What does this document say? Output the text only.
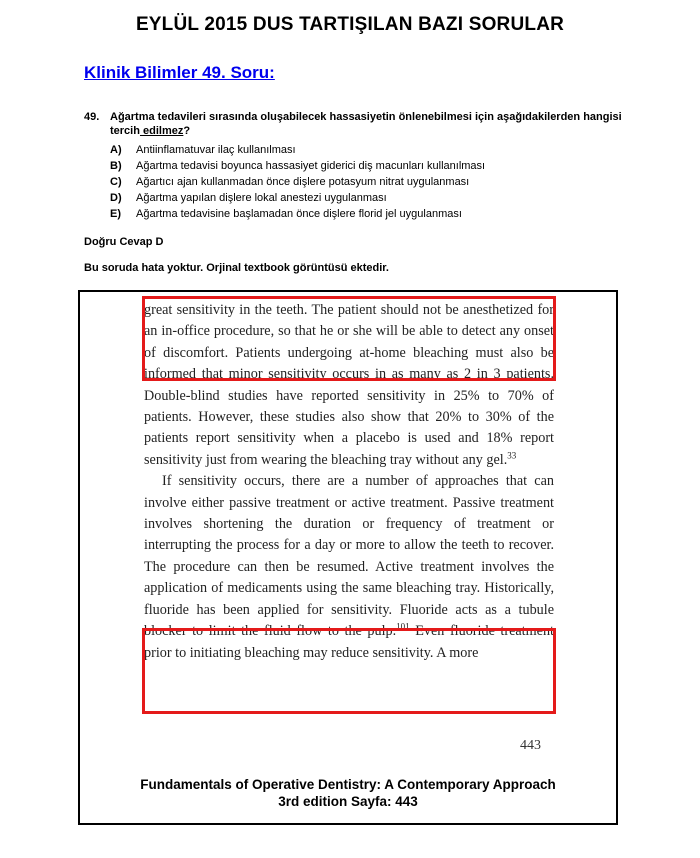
EYLÜL 2015 DUS TARTIŞILAN BAZI SORULAR
Klinik Bilimler 49. Soru:
49. Ağartma tedavileri sırasında oluşabilecek hassasiyetin önlenebilmesi için aşağıdakilerden hangisi tercih edilmez?
A)	Antiinflamatuvar ilaç kullanılması
B)	Ağartma tedavisi boyunca hassasiyet giderici diş macunları kullanılması
C)	Ağartıcı ajan kullanmadan önce dişlere potasyum nitrat uygulanması
D)	Ağartma yapılan dişlere lokal anestezi uygulanması
E)	Ağartma tedavisine başlamadan önce dişlere florid jel uygulanması
Doğru Cevap D
Bu soruda hata yoktur. Orjinal textbook görüntüsü ektedir.

great sensitivity in the teeth. The patient should not be anesthetized for an in-office procedure, so that he or she will be able to detect any onset of discomfort. Patients undergoing at-home bleaching must also be informed that minor sensitivity occurs in as many as 2 in 3 patients. Double-blind studies have reported sensitivity in 25% to 70% of patients. However, these studies also show that 20% to 30% of the patients report sensitivity when a placebo is used and 18% report sensitivity just from wearing the bleaching tray without any gel.$^{33}$

If sensitivity occurs, there are a number of approaches that can involve either passive treatment or active treatment. Passive treatment involves shortening the duration or frequency of treatment or interrupting the process for a day or more to allow the teeth to recover. The procedure can then be resumed. Active treatment involves the application of medicaments using the same bleaching tray. Historically, fluoride has been applied for sensitivity. Fluoride acts as a tubule blocker to limit the fluid flow to the pulp.$^{101}$ Even fluoride treatment prior to initiating bleaching may reduce sensitivity. A more

443
Fundamentals of Operative Dentistry: A Contemporary Approach
3rd edition Sayfa: 443
